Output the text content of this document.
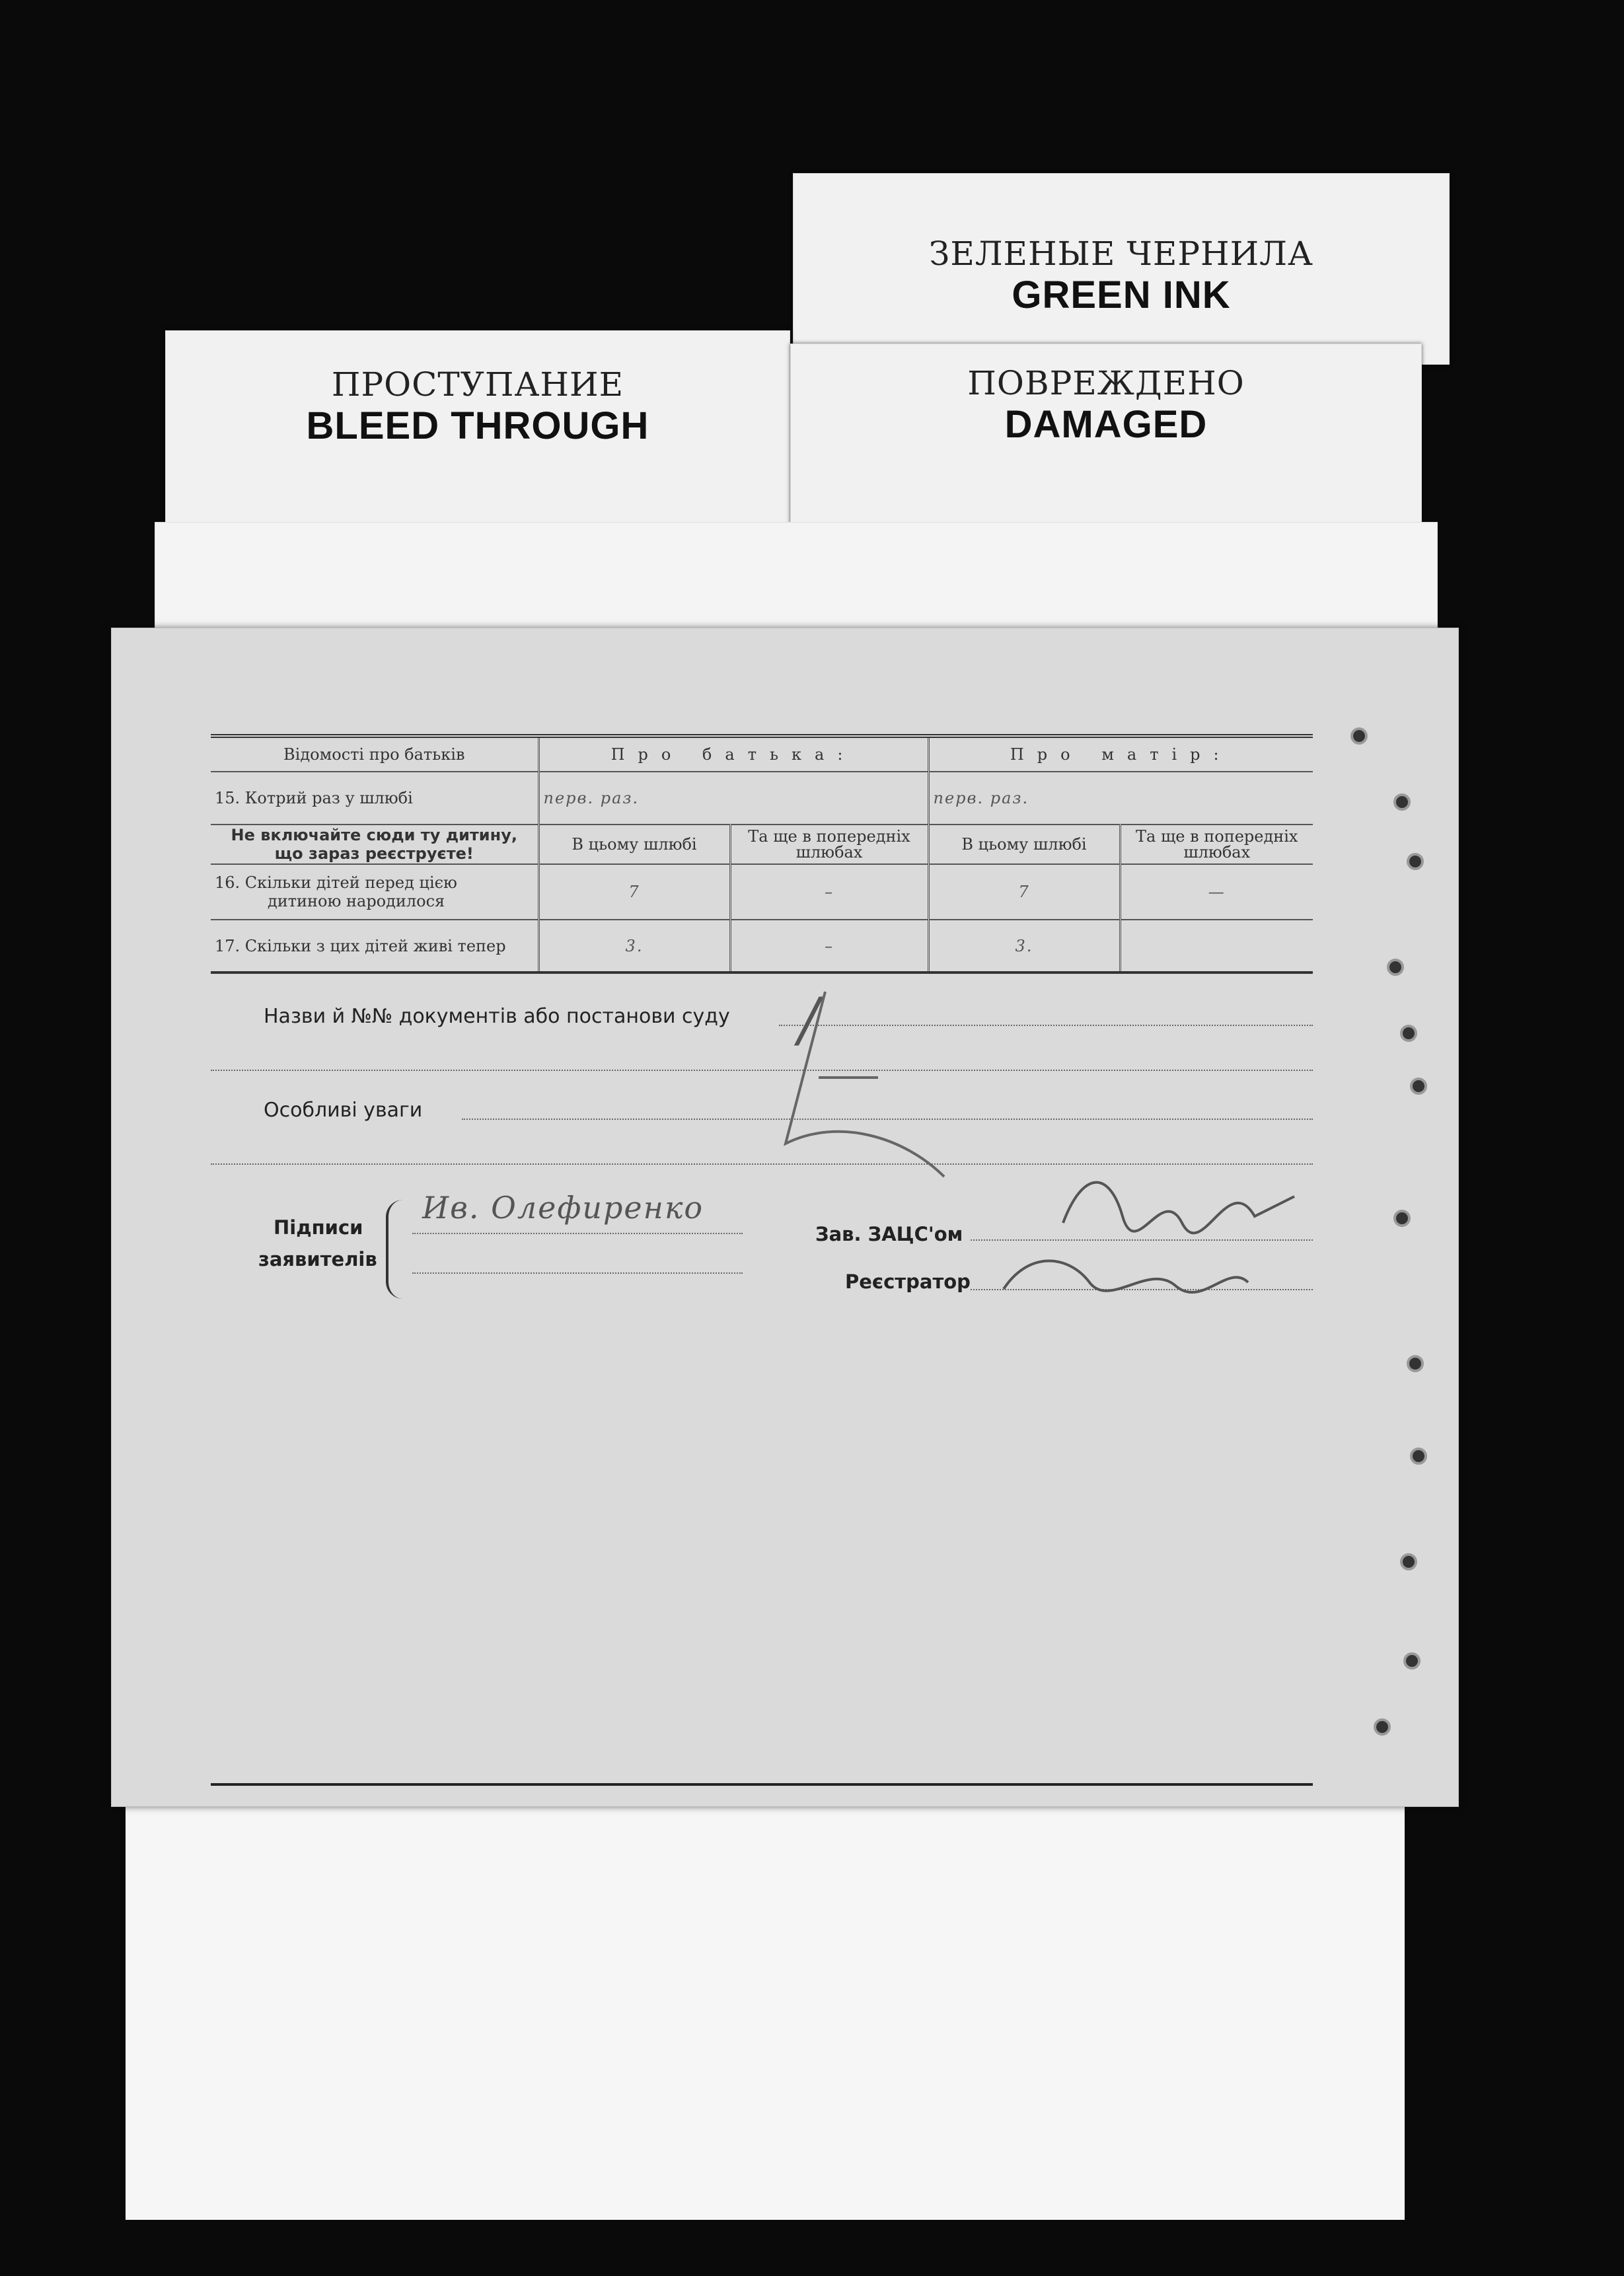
ЗЕЛЕНЫЕ ЧЕРНИЛА
GREEN INK
ПРОСТУПАНИЕ
BLEED THROUGH
ПОВРЕЖДЕНО
DAMAGED
Відомості про батьків	Про батька:		Про матір:	
15. Котрий раз у шлюбі	перв. раз.		перв. раз.	

Не включайте сюди ту дитину,
що зараз реєструєте!	В цьому шлюбі	Та ще в попередніх шлюбах	В цьому шлюбі	Та ще в попередніх шлюбах

16. Скільки дітей перед цією
дитиною народилося	7	–	7	—
17. Скільки з цих дітей живі тепер	3.	–	3.	
Назви й №№ документів або постанови суду /
Особливі уваги
Підписи
заявителів
Ив. Олефиренко
Зав. ЗАЦС'ом
Реєстратор
